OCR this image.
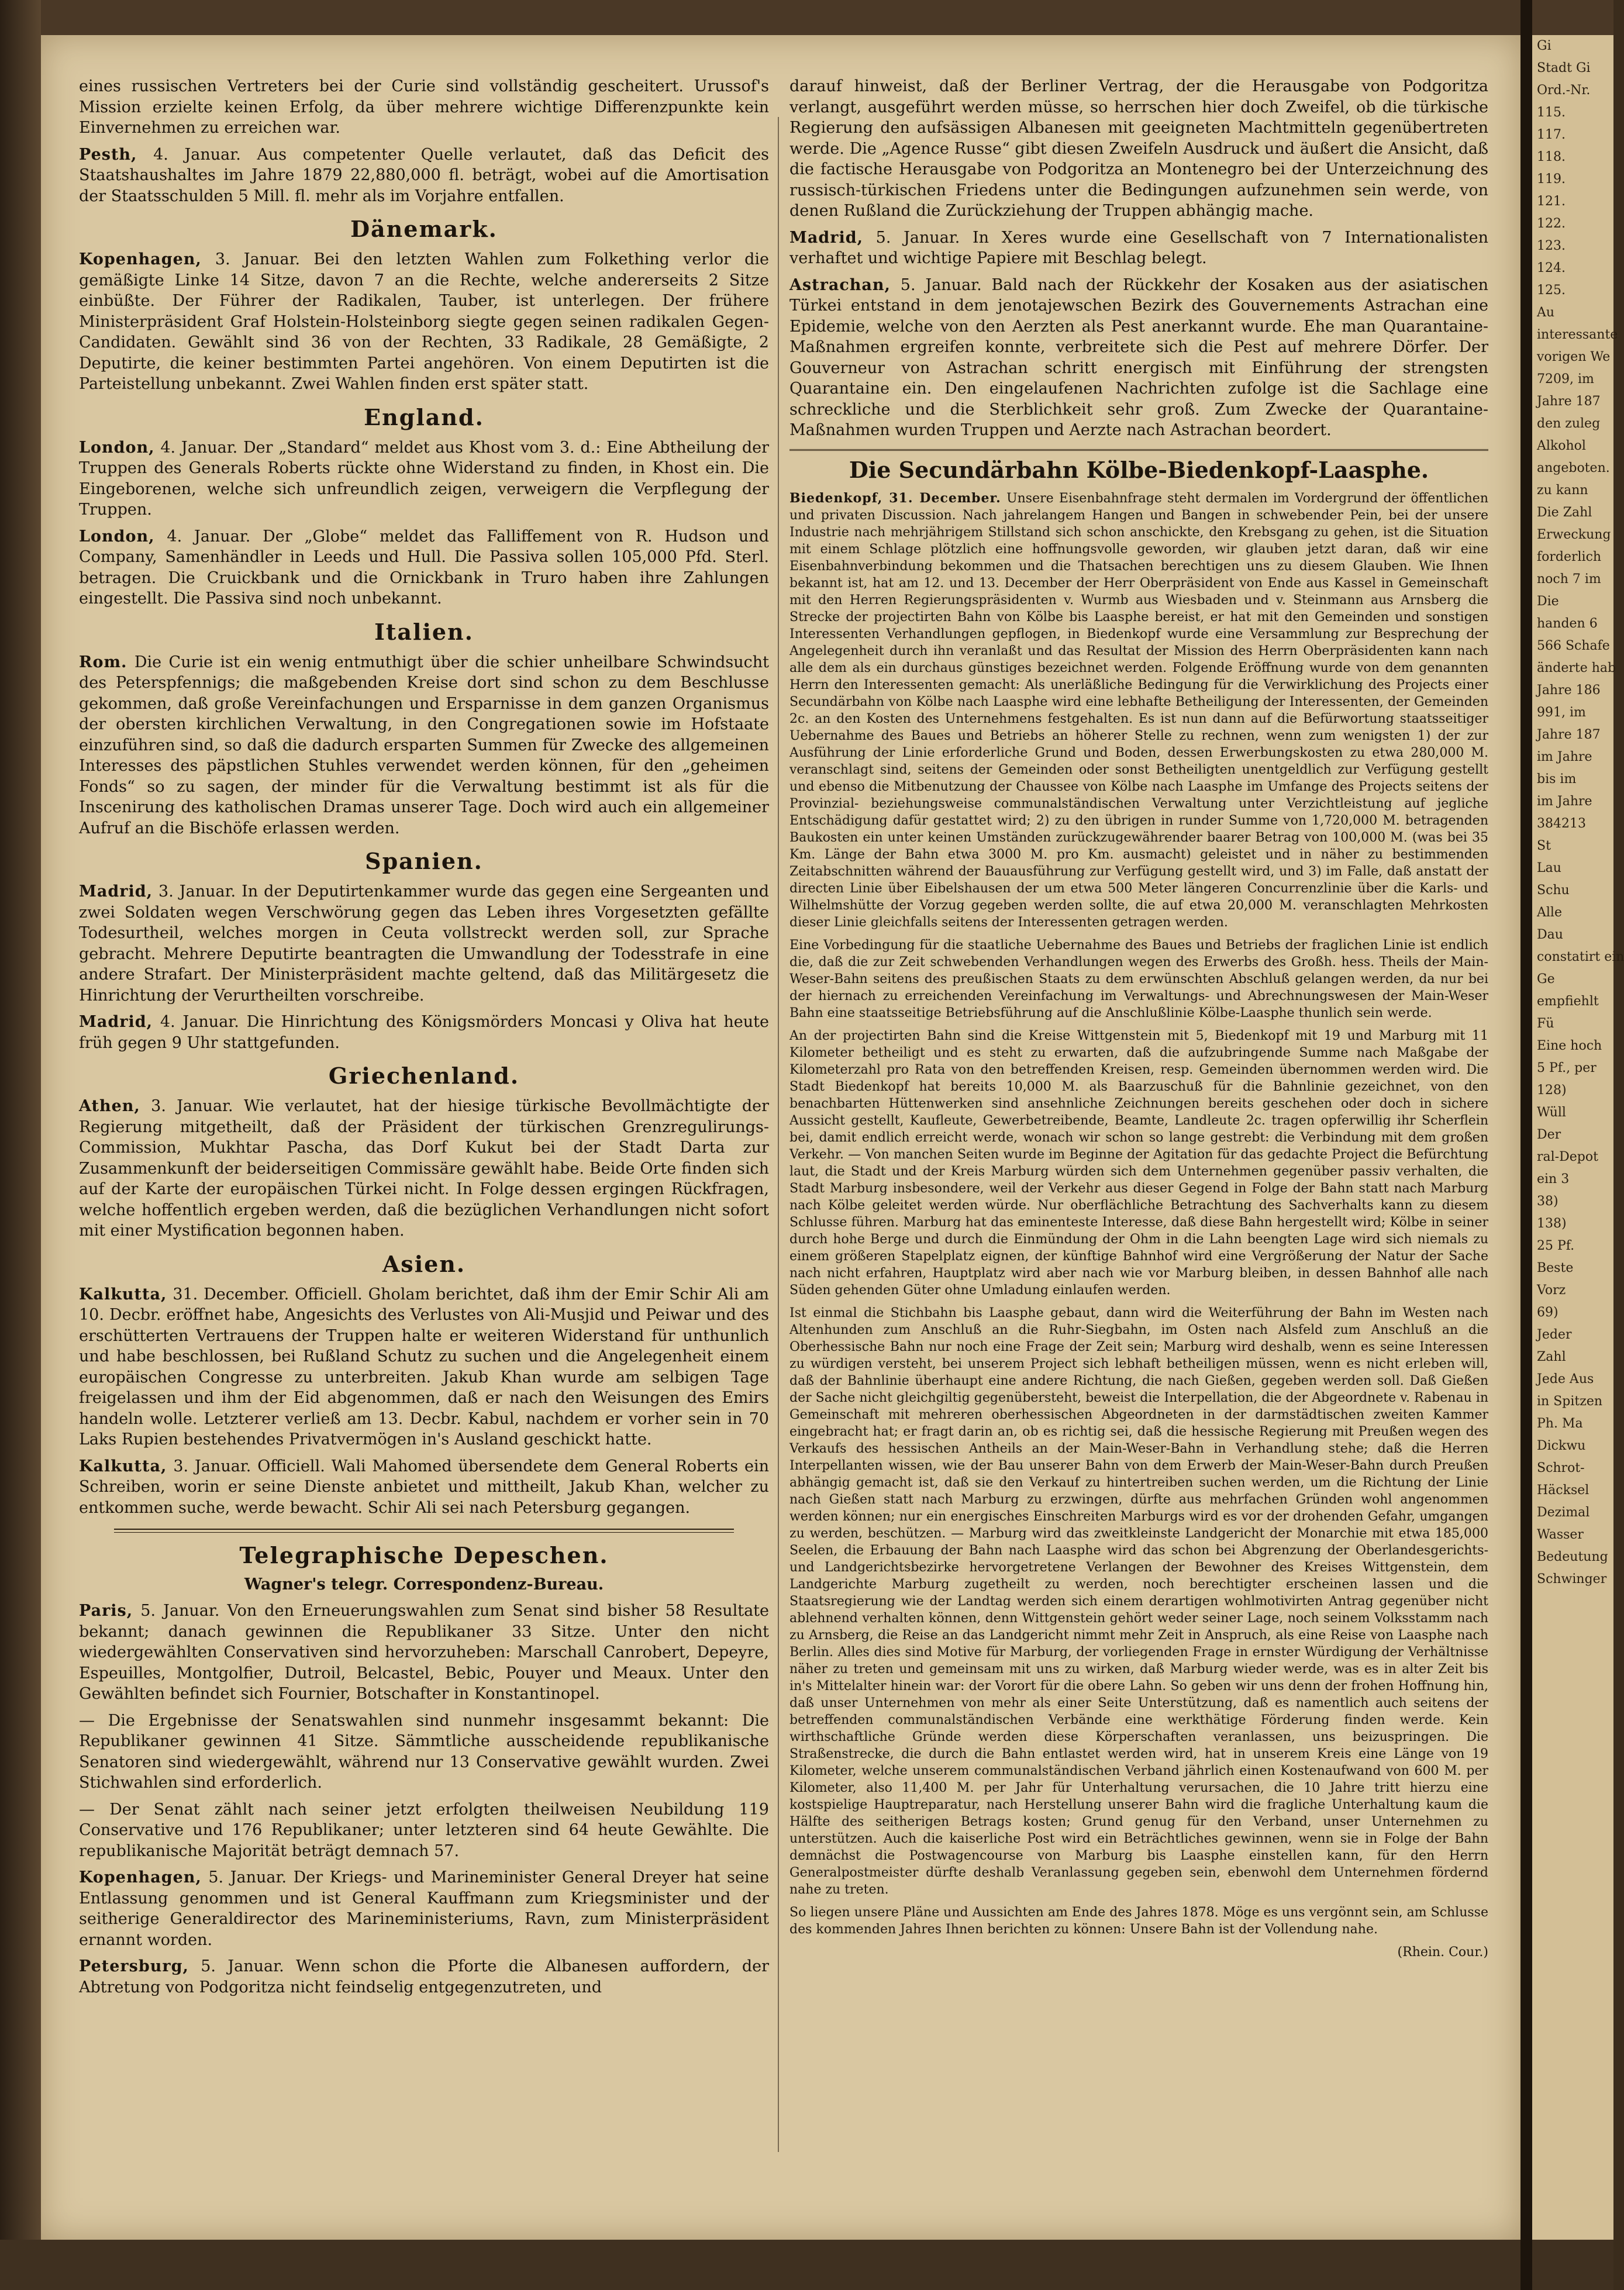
eines russischen Vertreters bei der Curie sind vollständig gescheitert. Urussof's Mission erzielte keinen Erfolg, da über mehrere wichtige Differenzpunkte kein Einvernehmen zu erreichen war.

Pesth, 4. Januar. Aus competenter Quelle verlautet, daß das Deficit des Staatshaushaltes im Jahre 1879 22,880,000 fl. beträgt, wobei auf die Amortisation der Staatsschulden 5 Mill. fl. mehr als im Vorjahre entfallen.

Dänemark.

Kopenhagen, 3. Januar. Bei den letzten Wahlen zum Folkething verlor die gemäßigte Linke 14 Sitze, davon 7 an die Rechte, welche andererseits 2 Sitze einbüßte. Der Führer der Radikalen, Tauber, ist unterlegen. Der frühere Ministerpräsident Graf Holstein-Holsteinborg siegte gegen seinen radikalen Gegen-Candidaten. Gewählt sind 36 von der Rechten, 33 Radikale, 28 Gemäßigte, 2 Deputirte, die keiner bestimmten Partei angehören. Von einem Deputirten ist die Parteistellung unbekannt. Zwei Wahlen finden erst später statt.

England.

London, 4. Januar. Der „Standard“ meldet aus Khost vom 3. d.: Eine Abtheilung der Truppen des Generals Roberts rückte ohne Widerstand zu finden, in Khost ein. Die Eingeborenen, welche sich unfreundlich zeigen, verweigern die Verpflegung der Truppen.

London, 4. Januar. Der „Globe“ meldet das Falliffement von R. Hudson und Company, Samenhändler in Leeds und Hull. Die Passiva sollen 105,000 Pfd. Sterl. betragen. Die Cruickbank und die Ornickbank in Truro haben ihre Zahlungen eingestellt. Die Passiva sind noch unbekannt.

Italien.

Rom. Die Curie ist ein wenig entmuthigt über die schier unheilbare Schwindsucht des Peterspfennigs; die maßgebenden Kreise dort sind schon zu dem Beschlusse gekommen, daß große Vereinfachungen und Ersparnisse in dem ganzen Organismus der obersten kirchlichen Verwaltung, in den Congregationen sowie im Hofstaate einzuführen sind, so daß die dadurch ersparten Summen für Zwecke des allgemeinen Interesses des päpstlichen Stuhles verwendet werden können, für den „geheimen Fonds“ so zu sagen, der minder für die Verwaltung bestimmt ist als für die Inscenirung des katholischen Dramas unserer Tage. Doch wird auch ein allgemeiner Aufruf an die Bischöfe erlassen werden.

Spanien.

Madrid, 3. Januar. In der Deputirtenkammer wurde das gegen eine Sergeanten und zwei Soldaten wegen Verschwörung gegen das Leben ihres Vorgesetzten gefällte Todesurtheil, welches morgen in Ceuta vollstreckt werden soll, zur Sprache gebracht. Mehrere Deputirte beantragten die Umwandlung der Todesstrafe in eine andere Strafart. Der Ministerpräsident machte geltend, daß das Militärgesetz die Hinrichtung der Verurtheilten vorschreibe.

Madrid, 4. Januar. Die Hinrichtung des Königsmörders Moncasi y Oliva hat heute früh gegen 9 Uhr stattgefunden.

Griechenland.

Athen, 3. Januar. Wie verlautet, hat der hiesige türkische Bevollmächtigte der Regierung mitgetheilt, daß der Präsident der türkischen Grenzregulirungs-Commission, Mukhtar Pascha, das Dorf Kukut bei der Stadt Darta zur Zusammenkunft der beiderseitigen Commissäre gewählt habe. Beide Orte finden sich auf der Karte der europäischen Türkei nicht. In Folge dessen ergingen Rückfragen, welche hoffentlich ergeben werden, daß die bezüglichen Verhandlungen nicht sofort mit einer Mystification begonnen haben.

Asien.

Kalkutta, 31. December. Officiell. Gholam berichtet, daß ihm der Emir Schir Ali am 10. Decbr. eröffnet habe, Angesichts des Verlustes von Ali-Musjid und Peiwar und des erschütterten Vertrauens der Truppen halte er weiteren Widerstand für unthunlich und habe beschlossen, bei Rußland Schutz zu suchen und die Angelegenheit einem europäischen Congresse zu unterbreiten. Jakub Khan wurde am selbigen Tage freigelassen und ihm der Eid abgenommen, daß er nach den Weisungen des Emirs handeln wolle. Letzterer verließ am 13. Decbr. Kabul, nachdem er vorher sein in 70 Laks Rupien bestehendes Privatvermögen in's Ausland geschickt hatte.

Kalkutta, 3. Januar. Officiell. Wali Mahomed übersendete dem General Roberts ein Schreiben, worin er seine Dienste anbietet und mittheilt, Jakub Khan, welcher zu entkommen suche, werde bewacht. Schir Ali sei nach Petersburg gegangen.

Telegraphische Depeschen.
Wagner's telegr. Correspondenz-Bureau.

Paris, 5. Januar. Von den Erneuerungswahlen zum Senat sind bisher 58 Resultate bekannt; danach gewinnen die Republikaner 33 Sitze. Unter den nicht wiedergewählten Conservativen sind hervorzuheben: Marschall Canrobert, Depeyre, Espeuilles, Montgolfier, Dutroil, Belcastel, Bebic, Pouyer und Meaux. Unter den Gewählten befindet sich Fournier, Botschafter in Konstantinopel.

— Die Ergebnisse der Senatswahlen sind nunmehr insgesammt bekannt: Die Republikaner gewinnen 41 Sitze. Sämmtliche ausscheidende republikanische Senatoren sind wiedergewählt, während nur 13 Conservative gewählt wurden. Zwei Stichwahlen sind erforderlich.

— Der Senat zählt nach seiner jetzt erfolgten theilweisen Neubildung 119 Conservative und 176 Republikaner; unter letzteren sind 64 heute Gewählte. Die republikanische Majorität beträgt demnach 57.

Kopenhagen, 5. Januar. Der Kriegs- und Marineminister General Dreyer hat seine Entlassung genommen und ist General Kauffmann zum Kriegsminister und der seitherige Generaldirector des Marineministeriums, Ravn, zum Ministerpräsident ernannt worden.

Petersburg, 5. Januar. Wenn schon die Pforte die Albanesen auffordern, der Abtretung von Podgoritza nicht feindselig entgegenzutreten, und

darauf hinweist, daß der Berliner Vertrag, der die Herausgabe von Podgoritza verlangt, ausgeführt werden müsse, so herrschen hier doch Zweifel, ob die türkische Regierung den aufsässigen Albanesen mit geeigneten Machtmitteln gegenübertreten werde. Die „Agence Russe“ gibt diesen Zweifeln Ausdruck und äußert die Ansicht, daß die factische Herausgabe von Podgoritza an Montenegro bei der Unterzeichnung des russisch-türkischen Friedens unter die Bedingungen aufzunehmen sein werde, von denen Rußland die Zurückziehung der Truppen abhängig mache.

Madrid, 5. Januar. In Xeres wurde eine Gesellschaft von 7 Internationalisten verhaftet und wichtige Papiere mit Beschlag belegt.

Astrachan, 5. Januar. Bald nach der Rückkehr der Kosaken aus der asiatischen Türkei entstand in dem jenotajewschen Bezirk des Gouvernements Astrachan eine Epidemie, welche von den Aerzten als Pest anerkannt wurde. Ehe man Quarantaine-Maßnahmen ergreifen konnte, verbreitete sich die Pest auf mehrere Dörfer. Der Gouverneur von Astrachan schritt energisch mit Einführung der strengsten Quarantaine ein. Den eingelaufenen Nachrichten zufolge ist die Sachlage eine schreckliche und die Sterblichkeit sehr groß. Zum Zwecke der Quarantaine-Maßnahmen wurden Truppen und Aerzte nach Astrachan beordert.

Die Secundärbahn Kölbe-Biedenkopf-Laasphe.

Biedenkopf, 31. December. Unsere Eisenbahnfrage steht dermalen im Vordergrund der öffentlichen und privaten Discussion. Nach jahrelangem Hangen und Bangen in schwebender Pein, bei der unsere Industrie nach mehrjährigem Stillstand sich schon anschickte, den Krebsgang zu gehen, ist die Situation mit einem Schlage plötzlich eine hoffnungsvolle geworden, wir glauben jetzt daran, daß wir eine Eisenbahnverbindung bekommen und die Thatsachen berechtigen uns zu diesem Glauben. Wie Ihnen bekannt ist, hat am 12. und 13. December der Herr Oberpräsident von Ende aus Kassel in Gemeinschaft mit den Herren Regierungspräsidenten v. Wurmb aus Wiesbaden und v. Steinmann aus Arnsberg die Strecke der projectirten Bahn von Kölbe bis Laasphe bereist, er hat mit den Gemeinden und sonstigen Interessenten Verhandlungen gepflogen, in Biedenkopf wurde eine Versammlung zur Besprechung der Angelegenheit durch ihn veranlaßt und das Resultat der Mission des Herrn Oberpräsidenten kann nach alle dem als ein durchaus günstiges bezeichnet werden. Folgende Eröffnung wurde von dem genannten Herrn den Interessenten gemacht: Als unerläßliche Bedingung für die Verwirklichung des Projects einer Secundärbahn von Kölbe nach Laasphe wird eine lebhafte Betheiligung der Interessenten, der Gemeinden 2c. an den Kosten des Unternehmens festgehalten. Es ist nun dann auf die Befürwortung staatsseitiger Uebernahme des Baues und Betriebs an höherer Stelle zu rechnen, wenn zum wenigsten 1) der zur Ausführung der Linie erforderliche Grund und Boden, dessen Erwerbungskosten zu etwa 280,000 M. veranschlagt sind, seitens der Gemeinden oder sonst Betheiligten unentgeldlich zur Verfügung gestellt und ebenso die Mitbenutzung der Chaussee von Kölbe nach Laasphe im Umfange des Projects seitens der Provinzial- beziehungsweise communalständischen Verwaltung unter Verzichtleistung auf jegliche Entschädigung dafür gestattet wird; 2) zu den übrigen in runder Summe von 1,720,000 M. betragenden Baukosten ein unter keinen Umständen zurückzugewährender baarer Betrag von 100,000 M. (was bei 35 Km. Länge der Bahn etwa 3000 M. pro Km. ausmacht) geleistet und in näher zu bestimmenden Zeitabschnitten während der Bauausführung zur Verfügung gestellt wird, und 3) im Falle, daß anstatt der directen Linie über Eibelshausen der um etwa 500 Meter längeren Concurrenzlinie über die Karls- und Wilhelmshütte der Vorzug gegeben werden sollte, die auf etwa 20,000 M. veranschlagten Mehrkosten dieser Linie gleichfalls seitens der Interessenten getragen werden.

Eine Vorbedingung für die staatliche Uebernahme des Baues und Betriebs der fraglichen Linie ist endlich die, daß die zur Zeit schwebenden Verhandlungen wegen des Erwerbs des Großh. hess. Theils der Main-Weser-Bahn seitens des preußischen Staats zu dem erwünschten Abschluß gelangen werden, da nur bei der hiernach zu erreichenden Vereinfachung im Verwaltungs- und Abrechnungswesen der Main-Weser Bahn eine staatsseitige Betriebsführung auf die Anschlußlinie Kölbe-Laasphe thunlich sein werde.

An der projectirten Bahn sind die Kreise Wittgenstein mit 5, Biedenkopf mit 19 und Marburg mit 11 Kilometer betheiligt und es steht zu erwarten, daß die aufzubringende Summe nach Maßgabe der Kilometerzahl pro Rata von den betreffenden Kreisen, resp. Gemeinden übernommen werden wird. Die Stadt Biedenkopf hat bereits 10,000 M. als Baarzuschuß für die Bahnlinie gezeichnet, von den benachbarten Hüttenwerken sind ansehnliche Zeichnungen bereits geschehen oder doch in sichere Aussicht gestellt, Kaufleute, Gewerbetreibende, Beamte, Landleute 2c. tragen opferwillig ihr Scherflein bei, damit endlich erreicht werde, wonach wir schon so lange gestrebt: die Verbindung mit dem großen Verkehr. — Von manchen Seiten wurde im Beginne der Agitation für das gedachte Project die Befürchtung laut, die Stadt und der Kreis Marburg würden sich dem Unternehmen gegenüber passiv verhalten, die Stadt Marburg insbesondere, weil der Verkehr aus dieser Gegend in Folge der Bahn statt nach Marburg nach Kölbe geleitet werden würde. Nur oberflächliche Betrachtung des Sachverhalts kann zu diesem Schlusse führen. Marburg hat das eminenteste Interesse, daß diese Bahn hergestellt wird; Kölbe in seiner durch hohe Berge und durch die Einmündung der Ohm in die Lahn beengten Lage wird sich niemals zu einem größeren Stapelplatz eignen, der künftige Bahnhof wird eine Vergrößerung der Natur der Sache nach nicht erfahren, Hauptplatz wird aber nach wie vor Marburg bleiben, in dessen Bahnhof alle nach Süden gehenden Güter ohne Umladung einlaufen werden.

Ist einmal die Stichbahn bis Laasphe gebaut, dann wird die Weiterführung der Bahn im Westen nach Altenhunden zum Anschluß an die Ruhr-Siegbahn, im Osten nach Alsfeld zum Anschluß an die Oberhessische Bahn nur noch eine Frage der Zeit sein; Marburg wird deshalb, wenn es seine Interessen zu würdigen versteht, bei unserem Project sich lebhaft betheiligen müssen, wenn es nicht erleben will, daß der Bahnlinie überhaupt eine andere Richtung, die nach Gießen, gegeben werden soll. Daß Gießen der Sache nicht gleichgiltig gegenübersteht, beweist die Interpellation, die der Abgeordnete v. Rabenau in Gemeinschaft mit mehreren oberhessischen Abgeordneten in der darmstädtischen zweiten Kammer eingebracht hat; er fragt darin an, ob es richtig sei, daß die hessische Regierung mit Preußen wegen des Verkaufs des hessischen Antheils an der Main-Weser-Bahn in Verhandlung stehe; daß die Herren Interpellanten wissen, wie der Bau unserer Bahn von dem Erwerb der Main-Weser-Bahn durch Preußen abhängig gemacht ist, daß sie den Verkauf zu hintertreiben suchen werden, um die Richtung der Linie nach Gießen statt nach Marburg zu erzwingen, dürfte aus mehrfachen Gründen wohl angenommen werden können; nur ein energisches Einschreiten Marburgs wird es vor der drohenden Gefahr, umgangen zu werden, beschützen. — Marburg wird das zweitkleinste Landgericht der Monarchie mit etwa 185,000 Seelen, die Erbauung der Bahn nach Laasphe wird das schon bei Abgrenzung der Oberlandesgerichts- und Landgerichtsbezirke hervorgetretene Verlangen der Bewohner des Kreises Wittgenstein, dem Landgerichte Marburg zugetheilt zu werden, noch berechtigter erscheinen lassen und die Staatsregierung wie der Landtag werden sich einem derartigen wohlmotivirten Antrag gegenüber nicht ablehnend verhalten können, denn Wittgenstein gehört weder seiner Lage, noch seinem Volksstamm nach zu Arnsberg, die Reise an das Landgericht nimmt mehr Zeit in Anspruch, als eine Reise von Laasphe nach Berlin. Alles dies sind Motive für Marburg, der vorliegenden Frage in ernster Würdigung der Verhältnisse näher zu treten und gemeinsam mit uns zu wirken, daß Marburg wieder werde, was es in alter Zeit bis in's Mittelalter hinein war: der Vorort für die obere Lahn. So geben wir uns denn der frohen Hoffnung hin, daß unser Unternehmen von mehr als einer Seite Unterstützung, daß es namentlich auch seitens der betreffenden communalständischen Verbände eine werkthätige Förderung finden werde. Kein wirthschaftliche Gründe werden diese Körperschaften veranlassen, uns beizuspringen. Die Straßenstrecke, die durch die Bahn entlastet werden wird, hat in unserem Kreis eine Länge von 19 Kilometer, welche unserem communalständischen Verband jährlich einen Kostenaufwand von 600 M. per Kilometer, also 11,400 M. per Jahr für Unterhaltung verursachen, die 10 Jahre tritt hierzu eine kostspielige Hauptreparatur, nach Herstellung unserer Bahn wird die fragliche Unterhaltung kaum die Hälfte des seitherigen Betrags kosten; Grund genug für den Verband, unser Unternehmen zu unterstützen. Auch die kaiserliche Post wird ein Beträchtliches gewinnen, wenn sie in Folge der Bahn demnächst die Postwagencourse von Marburg bis Laasphe einstellen kann, für den Herrn Generalpostmeister dürfte deshalb Veranlassung gegeben sein, ebenwohl dem Unternehmen fördernd nahe zu treten.

So liegen unsere Pläne und Aussichten am Ende des Jahres 1878. Möge es uns vergönnt sein, am Schlusse des kommenden Jahres Ihnen berichten zu können: Unsere Bahn ist der Vollendung nahe.

(Rhein. Cour.)

Gi
Stadt Gi
Ord.-Nr.
115.
117.
118.
119.
121.
122.
123.
124.
125.
Au
interessante
vorigen We
7209, im
Jahre 187
den zuleg
Alkohol
angeboten.
zu kann
Die Zahl
Erweckung
forderlich
noch 7 im
Die
handen 6
566 Schafe
änderte hab
Jahre 186
991, im
Jahre 187
im Jahre
bis im
im Jahre
384213
St
Lau
Schu
Alle
Dau
constatirt ein
Ge
empfiehlt
Fü
Eine hoch
5 Pf., per
128)
Wüll
Der
ral-Depot
ein 3
38)
138)
25 Pf.
Beste
Vorz
69)
Jeder
Zahl
Jede Aus
in Spitzen
Ph. Ma
Dickwu
Schrot-
Häcksel
Dezimal
Wasser
Bedeutung
Schwinger
